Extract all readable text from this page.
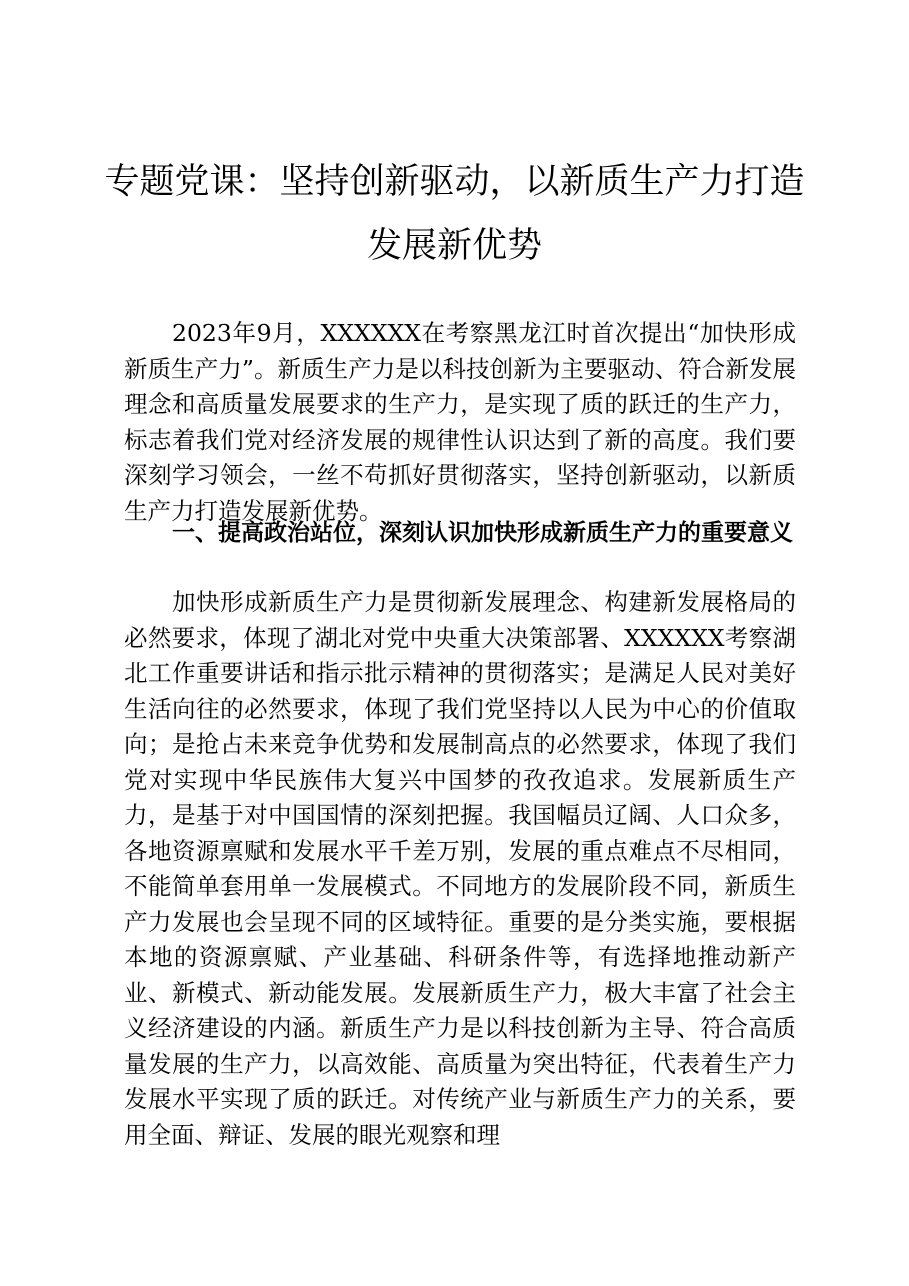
专题党课：坚持创新驱动，以新质生产力打造
发展新优势

2023年9月，XXXXXX在考察黑龙江时首次提出“加快形成新质生产力”。新质生产力是以科技创新为主要驱动、符合新发展理念和高质量发展要求的生产力，是实现了质的跃迁的生产力，标志着我们党对经济发展的规律性认识达到了新的高度。我们要深刻学习领会，一丝不苟抓好贯彻落实，坚持创新驱动，以新质生产力打造发展新优势。

一、提高政治站位，深刻认识加快形成新质生产力的重要意义

加快形成新质生产力是贯彻新发展理念、构建新发展格局的必然要求，体现了湖北对党中央重大决策部署、XXXXXX考察湖北工作重要讲话和指示批示精神的贯彻落实；是满足人民对美好生活向往的必然要求，体现了我们党坚持以人民为中心的价值取向；是抢占未来竞争优势和发展制高点的必然要求，体现了我们党对实现中华民族伟大复兴中国梦的孜孜追求。发展新质生产力，是基于对中国国情的深刻把握。我国幅员辽阔、人口众多，各地资源禀赋和发展水平千差万别，发展的重点难点不尽相同，不能简单套用单一发展模式。不同地方的发展阶段不同，新质生产力发展也会呈现不同的区域特征。重要的是分类实施，要根据本地的资源禀赋、产业基础、科研条件等，有选择地推动新产业、新模式、新动能发展。发展新质生产力，极大丰富了社会主义经济建设的内涵。新质生产力是以科技创新为主导、符合高质量发展的生产力，以高效能、高质量为突出特征，代表着生产力发展水平实现了质的跃迁。对传统产业与新质生产力的关系，要用全面、辩证、发展的眼光观察和理
